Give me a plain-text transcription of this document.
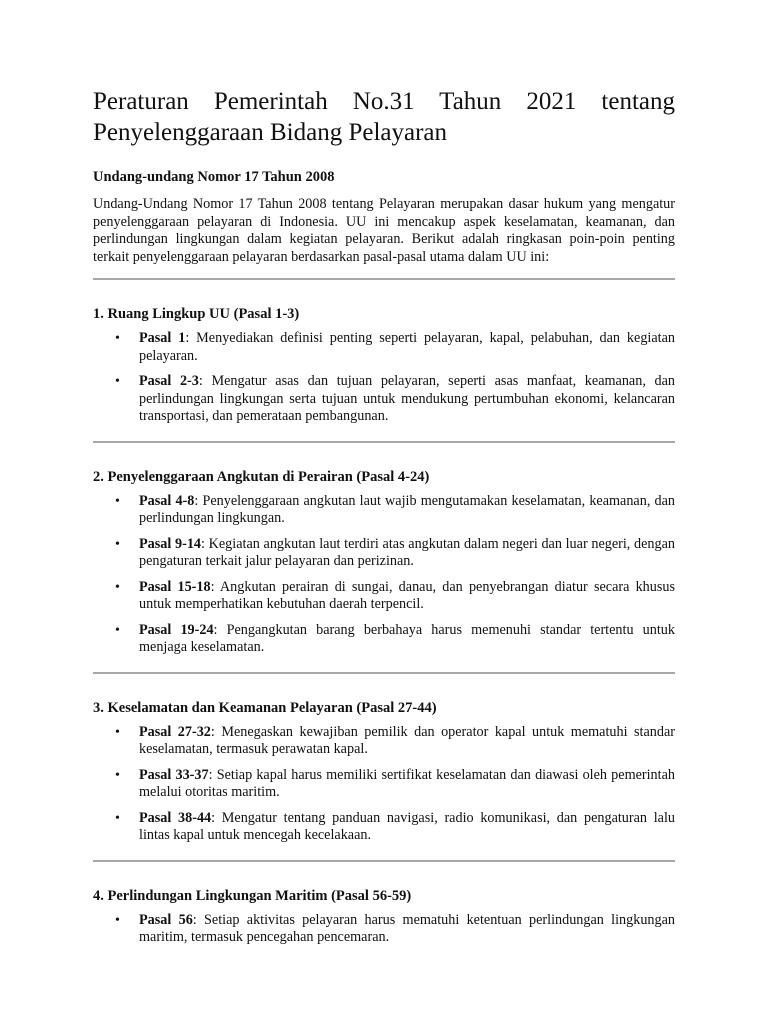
Peraturan Pemerintah No.31 Tahun 2021 tentang Penyelenggaraan Bidang Pelayaran

Undang-undang Nomor 17 Tahun 2008

Undang-Undang Nomor 17 Tahun 2008 tentang Pelayaran merupakan dasar hukum yang mengatur penyelenggaraan pelayaran di Indonesia. UU ini mencakup aspek keselamatan, keamanan, dan perlindungan lingkungan dalam kegiatan pelayaran. Berikut adalah ringkasan poin-poin penting terkait penyelenggaraan pelayaran berdasarkan pasal-pasal utama dalam UU ini:

1. Ruang Lingkup UU (Pasal 1-3)

• Pasal 1: Menyediakan definisi penting seperti pelayaran, kapal, pelabuhan, dan kegiatan pelayaran.
• Pasal 2-3: Mengatur asas dan tujuan pelayaran, seperti asas manfaat, keamanan, dan perlindungan lingkungan serta tujuan untuk mendukung pertumbuhan ekonomi, kelancaran transportasi, dan pemerataan pembangunan.

2. Penyelenggaraan Angkutan di Perairan (Pasal 4-24)

• Pasal 4-8: Penyelenggaraan angkutan laut wajib mengutamakan keselamatan, keamanan, dan perlindungan lingkungan.
• Pasal 9-14: Kegiatan angkutan laut terdiri atas angkutan dalam negeri dan luar negeri, dengan pengaturan terkait jalur pelayaran dan perizinan.
• Pasal 15-18: Angkutan perairan di sungai, danau, dan penyebrangan diatur secara khusus untuk memperhatikan kebutuhan daerah terpencil.
• Pasal 19-24: Pengangkutan barang berbahaya harus memenuhi standar tertentu untuk menjaga keselamatan.

3. Keselamatan dan Keamanan Pelayaran (Pasal 27-44)

• Pasal 27-32: Menegaskan kewajiban pemilik dan operator kapal untuk mematuhi standar keselamatan, termasuk perawatan kapal.
• Pasal 33-37: Setiap kapal harus memiliki sertifikat keselamatan dan diawasi oleh pemerintah melalui otoritas maritim.
• Pasal 38-44: Mengatur tentang panduan navigasi, radio komunikasi, dan pengaturan lalu lintas kapal untuk mencegah kecelakaan.

4. Perlindungan Lingkungan Maritim (Pasal 56-59)

• Pasal 56: Setiap aktivitas pelayaran harus mematuhi ketentuan perlindungan lingkungan maritim, termasuk pencegahan pencemaran.
